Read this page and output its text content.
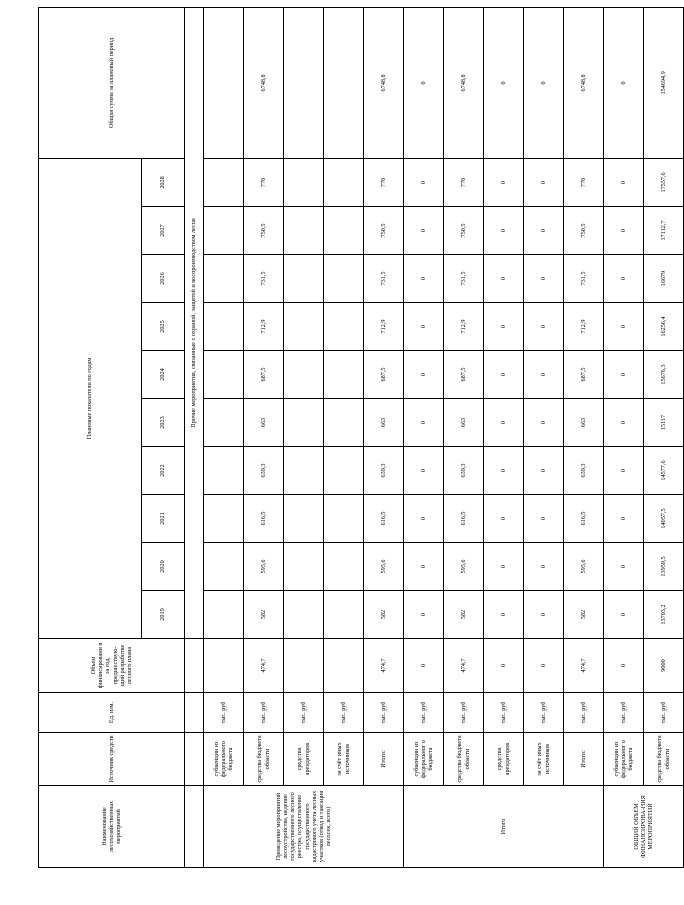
Наименование лесохозяйственных мероприятий	Источник средств	Ед. изм.	Объем финансировани я за год, предшествую-щий разработке лесного плана	Плановые показатели по годам										Общая сумма за плановый период
				2019	2020	2021	2022	2023	2024	2025	2026	2027	2028	
				Прочие мероприятия, связанные с охраной, защитой и воспроизводством лесов										
Проведение мероприятий лесоустройства, ведение государственного лесного реестра, осуществление государственного кадастрового учета лесных участков (отвод и таксация лесосек, всего)	субвенции из федерального бюджета	тыс. руб												
	средства бюджета области	тыс. руб	474,7	582	595,6	616,5	639,3	663	687,5	712,9	731,5	750,5	770	6748,8
	средства арендаторов	тыс. руб												
	за счёт иных источников	тыс. руб												
	Итого:	тыс. руб	474,7	582	595,6	616,5	639,3	663	687,5	712,9	731,5	750,5	770	6748,8
Итого	субвенции из федеральног о бюджета	тыс. руб	0	0	0	0	0	0	0	0	0	0	0	0
	средства бюджета области	тыс. руб	474,7	582	595,6	616,5	639,3	663	687,5	712,9	731,5	750,5	770	6748,8
	средства арендаторов	тыс. руб	0	0	0	0	0	0	0	0	0	0	0	0
	за счёт иных источников	тыс. руб	0	0	0	0	0	0	0	0	0	0	0	0
	Итого:	тыс. руб	474,7	582	595,6	616,5	639,3	663	687,5	712,9	731,5	750,5	770	6748,8
ОБЩИЙ ОБЪЕМ ФИНАНСИРОВА-НИЯ МЕРОПРИЯТИЙ	субвенции из федеральног о бюджета	тыс. руб	0	0	0	0	0	0	0	0	0	0	0	0
	средства бюджета области	тыс. руб	9000	13703,2	13959,5	14057,5	14577,6	15117	15676,3	16256,4	16679	17112,7	17557,6	154694,9
